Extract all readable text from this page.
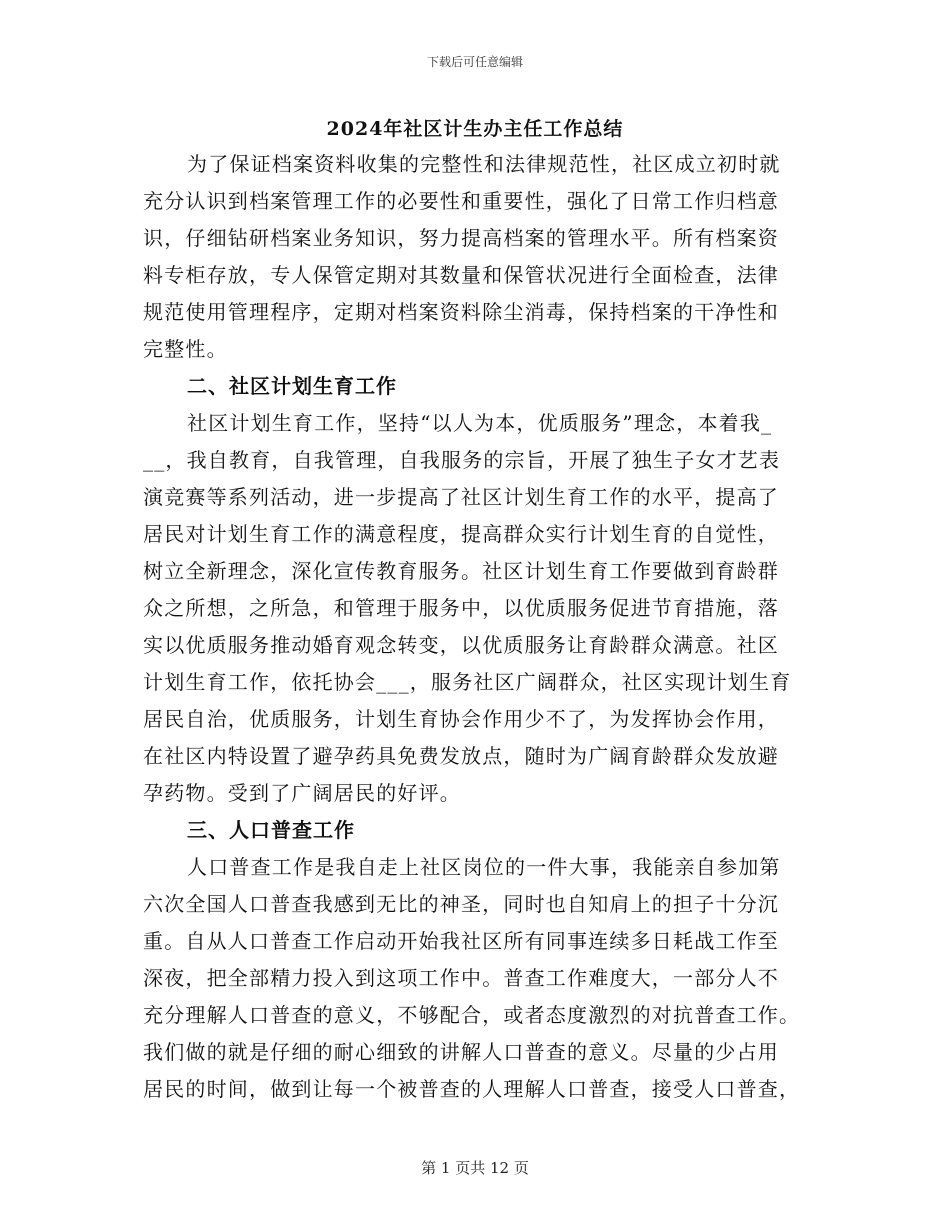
下载后可任意编辑
2024年社区计生办主任工作总结
为了保证档案资料收集的完整性和法律规范性，社区成立初时就
充分认识到档案管理工作的必要性和重要性，强化了日常工作归档意
识，仔细钻研档案业务知识，努力提高档案的管理水平。所有档案资
料专柜存放，专人保管定期对其数量和保管状况进行全面检查，法律
规范使用管理程序，定期对档案资料除尘消毒，保持档案的干净性和
完整性。
二、社区计划生育工作
社区计划生育工作，坚持“以人为本，优质服务”理念，本着我_
__，我自教育，自我管理，自我服务的宗旨，开展了独生子女才艺表
演竞赛等系列活动，进一步提高了社区计划生育工作的水平，提高了
居民对计划生育工作的满意程度，提高群众实行计划生育的自觉性，
树立全新理念，深化宣传教育服务。社区计划生育工作要做到育龄群
众之所想，之所急，和管理于服务中，以优质服务促进节育措施，落
实以优质服务推动婚育观念转变，以优质服务让育龄群众满意。社区
计划生育工作，依托协会___，服务社区广阔群众，社区实现计划生育
居民自治，优质服务，计划生育协会作用少不了，为发挥协会作用，
在社区内特设置了避孕药具免费发放点，随时为广阔育龄群众发放避
孕药物。受到了广阔居民的好评。
三、人口普查工作
人口普查工作是我自走上社区岗位的一件大事，我能亲自参加第
六次全国人口普查我感到无比的神圣，同时也自知肩上的担子十分沉
重。自从人口普查工作启动开始我社区所有同事连续多日耗战工作至
深夜，把全部精力投入到这项工作中。普查工作难度大，一部分人不
充分理解人口普查的意义，不够配合，或者态度激烈的对抗普查工作。
我们做的就是仔细的耐心细致的讲解人口普查的意义。尽量的少占用
居民的时间，做到让每一个被普查的人理解人口普查，接受人口普查，
第 1 页共 12 页
